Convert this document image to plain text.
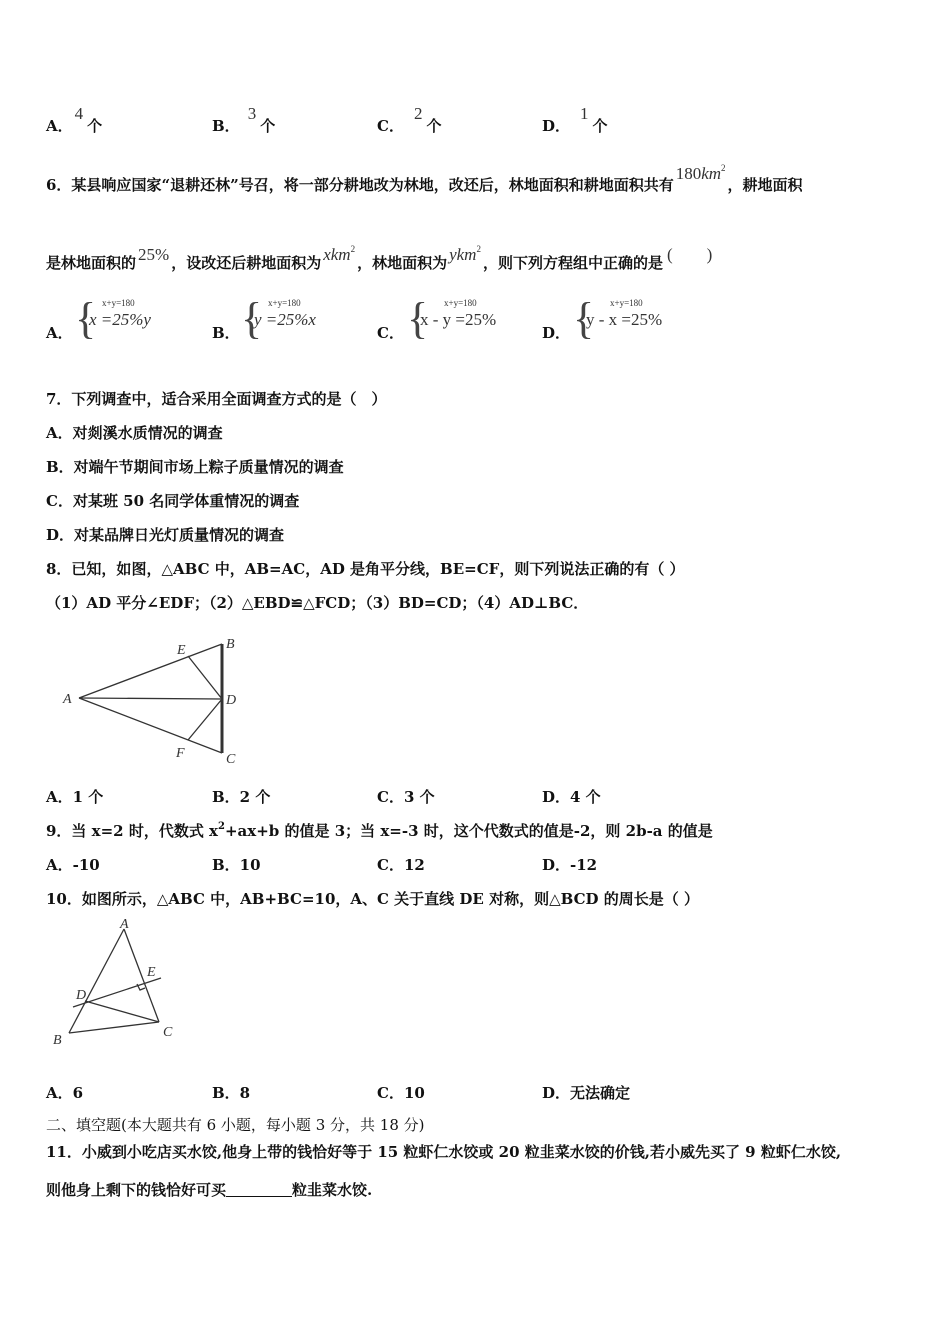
A．4个	B．3个	C．2个	D．1个
6．某县响应国家“退耕还林”号召，将一部分耕地改为林地，改还后，林地面积和耕地面积共有$180km^2$，耕地面积
是林地面积的 25% ，设改还后耕地面积为 xkm$^2$，林地面积为 ykm$^2$，则下列方程组中正确的是 (　　)
A． { x+y=180
x =25%y
B． { x+y=180
y =25%x
C． { x+y=180
x - y =25%
D． { x+y=180
y - x =25%
7．下列调查中，适合采用全面调查方式的是（　）
A．对剡溪水质情况的调查
B．对端午节期间市场上粽子质量情况的调查
C．对某班 50 名同学体重情况的调查
D．对某品牌日光灯质量情况的调查
8．已知，如图，△ABC 中，AB=AC，AD 是角平分线，BE=CF，则下列说法正确的有（ ）
（1）AD 平分∠EDF；（2）△EBD≌△FCD；（3）BD=CD；（4）AD⊥BC．
A
B
C
D
E
F
A．1 个	B．2 个	C．3 个	D．4 个
9．当 x=2 时，代数式 $x^2+ax+b$ 的值是 3；当 x=-3 时，这个代数式的值是-2，则 2b-a 的值是
A．-10	B．10	C．12	D．-12
10．如图所示，△ABC 中，AB+BC=10，A、C 关于直线 DE 对称，则△BCD 的周长是（ ）
A
B
C
D
E
A．6	B．8	C．10	D．无法确定
二、填空题(本大题共有 6 小题，每小题 3 分，共 18 分)
11．小威到小吃店买水饺,他身上带的钱恰好等于 15 粒虾仁水饺或 20 粒韭菜水饺的价钱,若小威先买了 9 粒虾仁水饺,
则他身上剩下的钱恰好可买	粒韭菜水饺.
